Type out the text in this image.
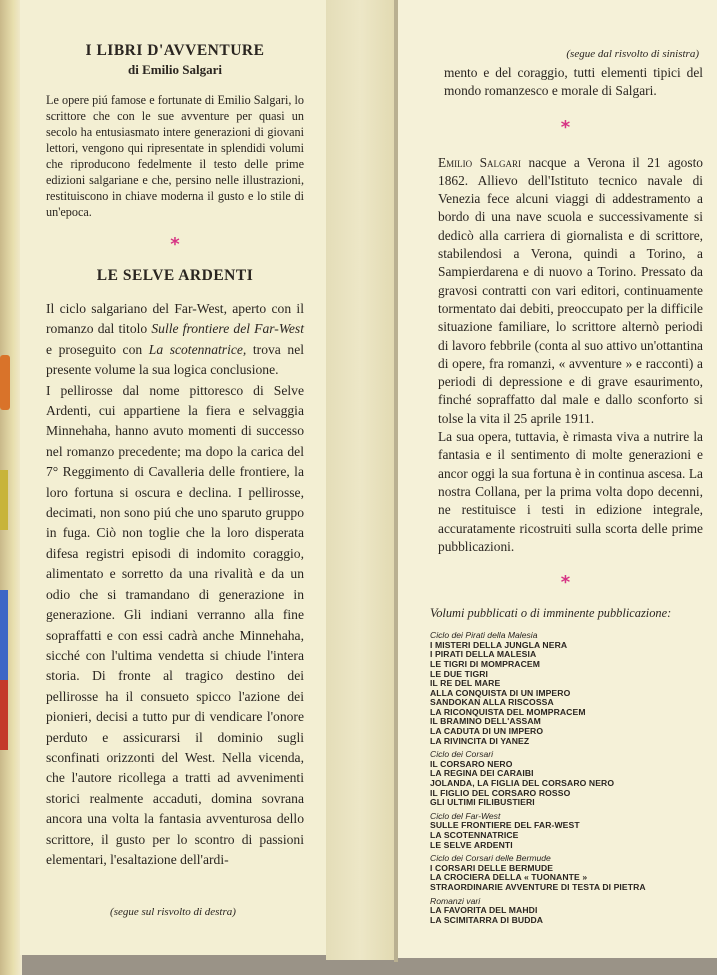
I LIBRI D'AVVENTURE
di Emilio Salgari

Le opere piú famose e fortunate di Emilio Salgari, lo scrittore che con le sue avventure per quasi un secolo ha entusiasmato intere generazioni di giovani lettori, vengono qui ripresentate in splendidi volumi che riproducono fedelmente il testo delle prime edizioni salgariane e che, persino nelle illustrazioni, restituiscono in chiave moderna il gusto e lo stile di un'epoca.

*
LE SELVE ARDENTI

Il ciclo salgariano del Far-West, aperto con il romanzo dal titolo Sulle frontiere del Far-West e proseguito con La scotennatrice, trova nel presente volume la sua logica conclusione.

I pellirosse dal nome pittoresco di Selve Ardenti, cui appartiene la fiera e selvaggia Minnehaha, hanno avuto momenti di successo nel romanzo precedente; ma dopo la carica del 7° Reggimento di Cavalleria delle frontiere, la loro fortuna si oscura e declina. I pellirosse, decimati, non sono piú che uno sparuto gruppo in fuga. Ciò non toglie che la loro disperata difesa registri episodi di indomito coraggio, alimentato e sorretto da una rivalità e da un odio che si tramandano di generazione in generazione. Gli indiani verranno alla fine sopraffatti e con essi cadrà anche Minnehaha, sicché con l'ultima vendetta si chiude l'intera storia. Di fronte al tragico destino dei pellirosse ha il consueto spicco l'azione dei pionieri, decisi a tutto pur di vendicare l'onore perduto e assicurarsi il dominio sugli sconfinati orizzonti del West. Nella vicenda, che l'autore ricollega a tratti ad avvenimenti storici realmente accaduti, domina sovrana ancora una volta la fantasia avventurosa dello scrittore, il gusto per lo scontro di passioni elementari, l'esaltazione dell'ardi-

(segue sul risvolto di destra)
(segue dal risvolto di sinistra)

mento e del coraggio, tutti elementi tipici del mondo romanzesco e morale di Salgari.

*

Emilio Salgari nacque a Verona il 21 agosto 1862. Allievo dell'Istituto tecnico navale di Venezia fece alcuni viaggi di addestramento a bordo di una nave scuola e successivamente si dedicò alla carriera di giornalista e di scrittore, stabilendosi a Verona, quindi a Torino, a Sampierdarena e di nuovo a Torino. Pressato da gravosi contratti con vari editori, continuamente tormentato dai debiti, preoccupato per la difficile situazione familiare, lo scrittore alternò periodi di lavoro febbrile (conta al suo attivo un'ottantina di opere, fra romanzi, « avventure » e racconti) a periodi di depressione e di grave esaurimento, finché sopraffatto dal male e dallo sconforto si tolse la vita il 25 aprile 1911.

La sua opera, tuttavia, è rimasta viva a nutrire la fantasia e il sentimento di molte generazioni e ancor oggi la sua fortuna è in continua ascesa. La nostra Collana, per la prima volta dopo decenni, ne restituisce i testi in edizione integrale, accuratamente ricostruiti sulla scorta delle prime pubblicazioni.

*
Volumi pubblicati o di imminente pubblicazione:
Ciclo dei Pirati della Malesia
I MISTERI DELLA JUNGLA NERA
I PIRATI DELLA MALESIA
LE TIGRI DI MOMPRACEM
LE DUE TIGRI
IL RE DEL MARE
ALLA CONQUISTA DI UN IMPERO
SANDOKAN ALLA RISCOSSA
LA RICONQUISTA DEL MOMPRACEM
IL BRAMINO DELL'ASSAM
LA CADUTA DI UN IMPERO
LA RIVINCITA DI YANEZ
Ciclo dei Corsari
IL CORSARO NERO
LA REGINA DEI CARAIBI
JOLANDA, LA FIGLIA DEL CORSARO NERO
IL FIGLIO DEL CORSARO ROSSO
GLI ULTIMI FILIBUSTIERI
Ciclo del Far-West
SULLE FRONTIERE DEL FAR-WEST
LA SCOTENNATRICE
LE SELVE ARDENTI
Ciclo dei Corsari delle Bermude
I CORSARI DELLE BERMUDE
LA CROCIERA DELLA « TUONANTE »
STRAORDINARIE AVVENTURE DI TESTA DI PIETRA
Romanzi vari
LA FAVORITA DEL MAHDI
LA SCIMITARRA DI BUDDA
